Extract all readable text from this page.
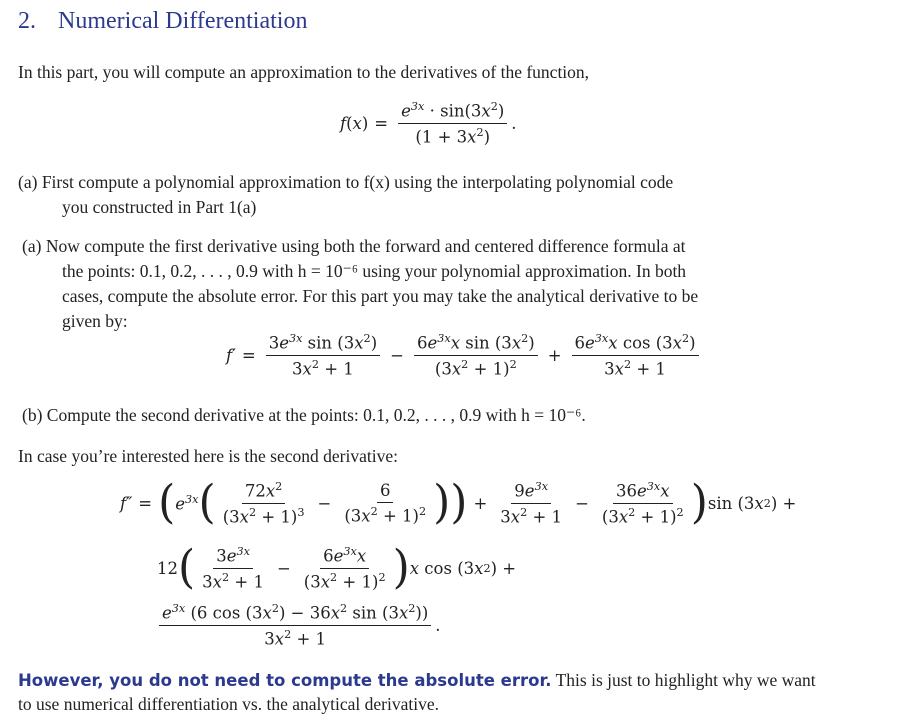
2. Numerical Differentiation
In this part, you will compute an approximation to the derivatives of the function,
f ( x ) = $\frac{e^{3x} \cdot \sin(3x^2)}{(1 + 3x^2)}$ .
(a) First compute a polynomial approximation to f(x) using the interpolating polynomial code
you constructed in Part 1(a)
(a) Now compute the first derivative using both the forward and centered difference formula at
the points: 0.1, 0.2, . . . , 0.9 with h = 10⁻⁶ using your polynomial approximation. In both
cases, compute the absolute error. For this part you may take the analytical derivative to be
given by:
$f' = \frac{3e^{3x} \sin (3x^2)}{3x^2 + 1} - \frac{6e^{3x}x \sin (3x^2)}{(3x^2 + 1)^2} + \frac{6e^{3x}x \cos (3x^2)}{3x^2 + 1}$
(b) Compute the second derivative at the points: 0.1, 0.2, . . . , 0.9 with h = 10⁻⁶.
In case you’re interested here is the second derivative:
f″ = ( $e^{3x}$ ( $\frac{72x^2}{(3x^2 + 1)^3} - \frac{6}{(3x^2 + 1)^2}$ ) ) + $\frac{9e^{3x}}{3x^2 + 1} - \frac{36e^{3x}x}{(3x^2 + 1)^2}$ ) sin (3 x 2 ) +
12 ( $\frac{3e^{3x}}{3x^2 + 1} - \frac{6e^{3x}x}{(3x^2 + 1)^2}$ ) x cos (3 x 2 ) +
$\frac{e^{3x} (6 \cos (3x^2) - 36x^2 \sin (3x^2))}{3x^2 + 1}$ .
However, you do not need to compute the absolute error. This is just to highlight why we want
to use numerical differentiation vs. the analytical derivative.
